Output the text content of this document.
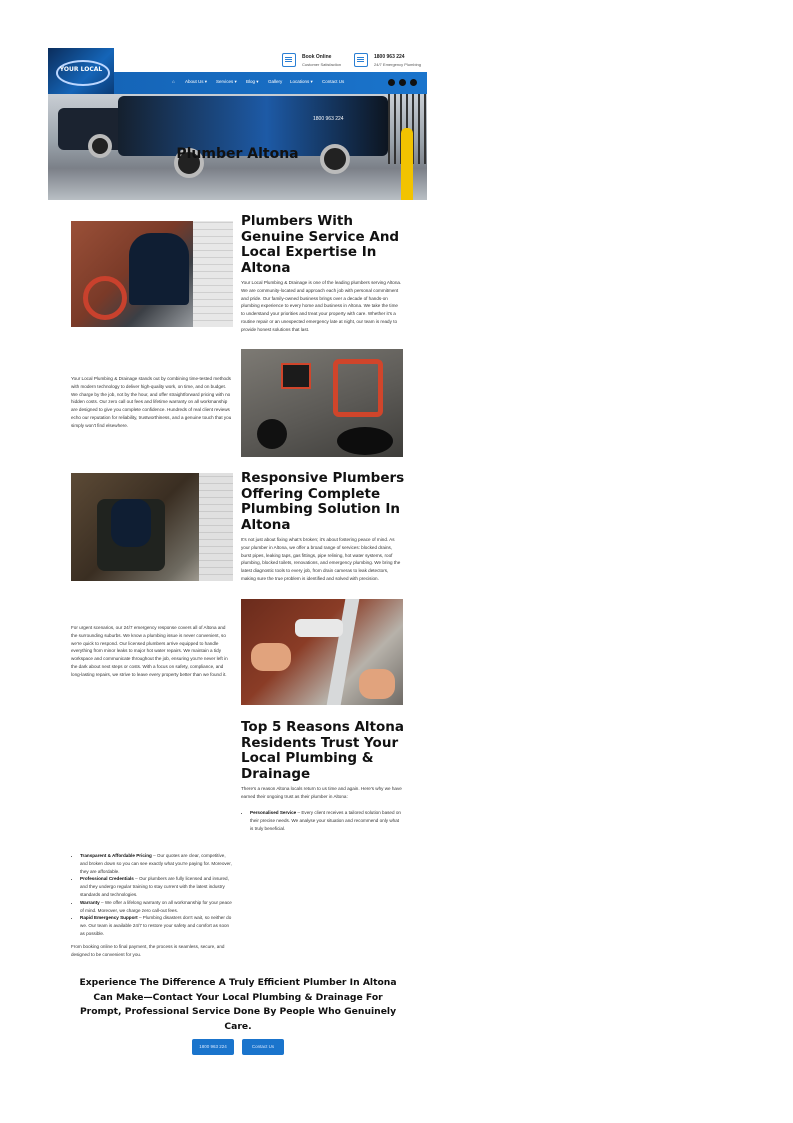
YOUR LOCAL
Book Online
Customer Satisfaction
1800 963 224
24/7 Emergency Plumbing
⌂ About Us ▾ Services ▾ Blog ▾ Gallery Locations ▾ Contact Us
1800 963 224
Plumber Altona
Plumbers With Genuine Service And Local Expertise In Altona

Your Local Plumbing & Drainage is one of the leading plumbers serving Altona. We are community-located and approach each job with personal commitment and pride. Our family-owned business brings over a decade of hands-on plumbing experience to every home and business in Altona. We take the time to understand your priorities and treat your property with care. Whether it's a routine repair or an unexpected emergency late at night, our team is ready to provide honest solutions that last.

Your Local Plumbing & Drainage stands out by combining time-tested methods with modern technology to deliver high-quality work, on time, and on budget. We charge by the job, not by the hour, and offer straightforward pricing with no hidden costs. Our zero call out fees and lifetime warranty on all workmanship are designed to give you complete confidence. Hundreds of real client reviews echo our reputation for reliability, trustworthiness, and a genuine touch that you simply won't find elsewhere.

Responsive Plumbers Offering Complete Plumbing Solution In Altona

It's not just about fixing what's broken; it's about fostering peace of mind. As your plumber in Altona, we offer a broad range of services: blocked drains, burst pipes, leaking taps, gas fittings, pipe relining, hot water systems, roof plumbing, blocked toilets, renovations, and emergency plumbing. We bring the latest diagnostic tools to every job, from drain cameras to leak detectors, making sure the true problem is identified and solved with precision.

For urgent scenarios, our 24/7 emergency response covers all of Altona and the surrounding suburbs. We know a plumbing issue is never convenient, so we're quick to respond. Our licensed plumbers arrive equipped to handle everything from minor leaks to major hot water repairs. We maintain a tidy workspace and communicate throughout the job, ensuring you're never left in the dark about next steps or costs. With a focus on safety, compliance, and long-lasting repairs, we strive to leave every property better than we found it.

Top 5 Reasons Altona Residents Trust Your Local Plumbing & Drainage

There's a reason Altona locals return to us time and again. Here's why we have earned their ongoing trust as their plumber in Altona:

• Personalised Service – Every client receives a tailored solution based on their precise needs. We analyse your situation and recommend only what is truly beneficial.
• Transparent & Affordable Pricing – Our quotes are clear, competitive, and broken down so you can see exactly what you're paying for. Moreover, they are affordable.
• Professional Credentials – Our plumbers are fully licensed and insured, and they undergo regular training to stay current with the latest industry standards and technologies.
• Warranty – We offer a lifelong warranty on all workmanship for your peace of mind. Moreover, we charge zero call-out fees.
• Rapid Emergency Support – Plumbing disasters don't wait, so neither do we. Our team is available 24/7 to restore your safety and comfort as soon as possible.

From booking online to final payment, the process is seamless, secure, and designed to be convenient for you.

Experience The Difference A Truly Efficient Plumber In Altona Can Make—Contact Your Local Plumbing & Drainage For Prompt, Professional Service Done By People Who Genuinely Care.
1800 963 224	Contact Us
